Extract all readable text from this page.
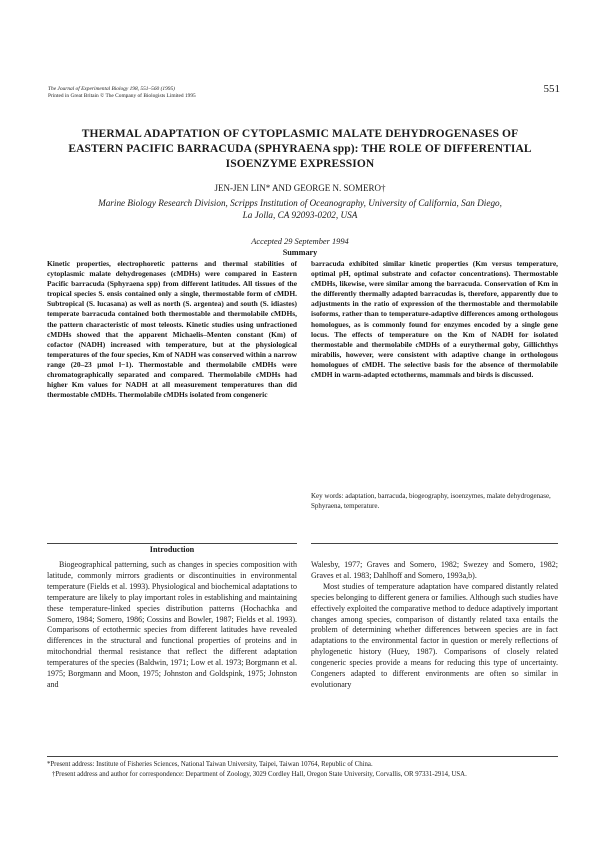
The Journal of Experimental Biology 198, 551–560 (1995)
Printed in Great Britain © The Company of Biologists Limited 1995
551
THERMAL ADAPTATION OF CYTOPLASMIC MALATE DEHYDROGENASES OF
EASTERN PACIFIC BARRACUDA (SPHYRAENA spp): THE ROLE OF DIFFERENTIAL
ISOENZYME EXPRESSION
JEN-JEN LIN* AND GEORGE N. SOMERO†
Marine Biology Research Division, Scripps Institution of Oceanography, University of California, San Diego,
La Jolla, CA 92093-0202, USA
Accepted 29 September 1994
Summary

Kinetic properties, electrophoretic patterns and thermal stabilities of cytoplasmic malate dehydrogenases (cMDHs) were compared in Eastern Pacific barracuda (Sphyraena spp) from different latitudes. All tissues of the tropical species S. ensis contained only a single, thermostable form of cMDH. Subtropical (S. lucasana) as well as north (S. argentea) and south (S. idiastes) temperate barracuda contained both thermostable and thermolabile cMDHs, the pattern characteristic of most teleosts. Kinetic studies using unfractioned cMDHs showed that the apparent Michaelis–Menten constant (Km) of cofactor (NADH) increased with temperature, but at the physiological temperatures of the four species, Km of NADH was conserved within a narrow range (20–23 μmol l−1). Thermostable and thermolabile cMDHs were chromatographically separated and compared. Thermolabile cMDHs had higher Km values for NADH at all measurement temperatures than did thermostable cMDHs. Thermolabile cMDHs isolated from congeneric

barracuda exhibited similar kinetic properties (Km versus temperature, optimal pH, optimal substrate and cofactor concentrations). Thermostable cMDHs, likewise, were similar among the barracuda. Conservation of Km in the differently thermally adapted barracudas is, therefore, apparently due to adjustments in the ratio of expression of the thermostable and thermolabile isoforms, rather than to temperature-adaptive differences among orthologous homologues, as is commonly found for enzymes encoded by a single gene locus. The effects of temperature on the Km of NADH for isolated thermostable and thermolabile cMDHs of a eurythermal goby, Gillichthys mirabilis, however, were consistent with adaptive change in orthologous homologues of cMDH. The selective basis for the absence of thermolabile cMDH in warm-adapted ectotherms, mammals and birds is discussed.

Key words: adaptation, barracuda, biogeography, isoenzymes, malate dehydrogenase, Sphyraena, temperature.
Introduction

Biogeographical patterning, such as changes in species composition with latitude, commonly mirrors gradients or discontinuities in environmental temperature (Fields et al. 1993). Physiological and biochemical adaptations to temperature are likely to play important roles in establishing and maintaining these temperature-linked species distribution patterns (Hochachka and Somero, 1984; Somero, 1986; Cossins and Bowler, 1987; Fields et al. 1993). Comparisons of ectothermic species from different latitudes have revealed differences in the structural and functional properties of proteins and in mitochondrial thermal resistance that reflect the different adaptation temperatures of the species (Baldwin, 1971; Low et al. 1973; Borgmann et al. 1975; Borgmann and Moon, 1975; Johnston and Goldspink, 1975; Johnston and

Walesby, 1977; Graves and Somero, 1982; Swezey and Somero, 1982; Graves et al. 1983; Dahlhoff and Somero, 1993a,b).

Most studies of temperature adaptation have compared distantly related species belonging to different genera or families. Although such studies have effectively exploited the comparative method to deduce adaptively important changes among species, comparison of distantly related taxa entails the problem of determining whether differences between species are in fact adaptations to the environmental factor in question or merely reflections of phylogenetic history (Huey, 1987). Comparisons of closely related congeneric species provide a means for reducing this type of uncertainty. Congeners adapted to different environments are often so similar in evolutionary

*Present address: Institute of Fisheries Sciences, National Taiwan University, Taipei, Taiwan 10764, Republic of China.

†Present address and author for correspondence: Department of Zoology, 3029 Cordley Hall, Oregon State University, Corvallis, OR 97331-2914, USA.
